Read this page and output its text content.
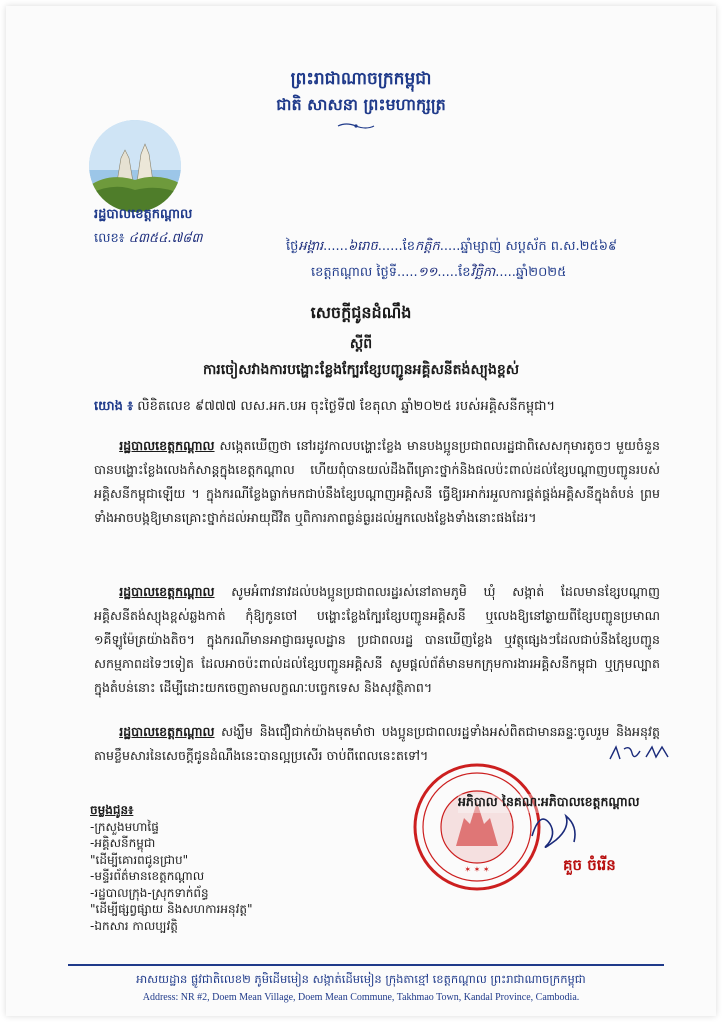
ព្រះរាជាណាចក្រកម្ពុជា
ជាតិ សាសនា ព្រះមហាក្សត្រ
រដ្ឋបាលខេត្តកណ្ដាល
លេខ៖ ៤៣៥៤.៧៨៣
ថ្ងៃអង្គារ......៦រោច......ខែកត្តិក.....ឆ្នាំម្សាញ់ សប្តស័ក ព.ស.២៥៦៩
ខេត្តកណ្ដាល ថ្ងៃទី.....១១.....ខែវិច្ឆិកា.....ឆ្នាំ២០២៥
សេចក្តីជូនដំណឹង
ស្តីពី
ការចៀសវាងការបង្ហោះខ្លែងក្បែរខ្សែបញ្ជូនអគ្គិសនីតង់ស្យុងខ្ពស់
យោង ៖ លិខិតលេខ ៩៧៧៧ លស.អក.បអ ចុះថ្ងៃទី៧ ខែតុលា ឆ្នាំ២០២៥ របស់អគ្គិសនីកម្ពុជា។
  រដ្ឋបាលខេត្តកណ្ដាល សង្កេតឃើញថា នៅរដូវកាលបង្ហោះខ្លែង មានបងប្អូនប្រជាពលរដ្ឋជាពិសេសកុមារតូចៗ មួយចំនួនបានបង្ហោះខ្លែងលេងកំសាន្តក្នុងខេត្តកណ្ដាល ហើយពុំបានយល់ដឹងពីគ្រោះថ្នាក់និងផលប៉ះពាល់ដល់ខ្សែបណ្តាញបញ្ជូនរបស់អគ្គិសនីកម្ពុជាឡើយ ។ ក្នុងករណីខ្លែងធ្លាក់មកជាប់នឹងខ្សែបណ្តាញអគ្គិសនី ធ្វើឱ្យរអាក់រអួលការផ្គត់ផ្គង់អគ្គិសនីក្នុងតំបន់ ព្រមទាំងអាចបង្កឱ្យមានគ្រោះថ្នាក់ដល់អាយុជីវិត ឬពិការភាពធ្ងន់ធ្ងរដល់អ្នកលេងខ្លែងទាំងនោះផងដែរ។
  រដ្ឋបាលខេត្តកណ្ដាល សូមអំពាវនាវដល់បងប្អូនប្រជាពលរដ្ឋរស់នៅតាមភូមិ ឃុំ សង្កាត់ ដែលមានខ្សែបណ្តាញអគ្គិសនីតង់ស្យុងខ្ពស់ឆ្លងកាត់ កុំឱ្យកូនចៅ បង្ហោះខ្លែងក្បែរខ្សែបញ្ជូនអគ្គិសនី ឬលេងឱ្យនៅឆ្ងាយពីខ្សែបញ្ជូនប្រមាណ ១គីឡូម៉ែត្រយ៉ាងតិច។ ក្នុងករណីមានអាជ្ញាធរមូលដ្ឋាន ប្រជាពលរដ្ឋ បានឃើញខ្លែង ឬវត្ថុផ្សេងៗដែលជាប់នឹងខ្សែបញ្ជូន សកម្មភាពដទៃៗទៀត ដែលអាចប៉ះពាល់ដល់ខ្សែបញ្ជូនអគ្គិសនី សូមផ្តល់ព័ត៌មានមកក្រុមការងារអគ្គិសនីកម្ពុជា ឬក្រុមល្បាតក្នុងតំបន់នោះ ដើម្បីដោះយកចេញតាមលក្ខណៈបច្ចេកទេស និងសុវត្ថិភាព។
  រដ្ឋបាលខេត្តកណ្ដាល សង្ឃឹម និងជឿជាក់យ៉ាងមុតមាំថា បងប្អូនប្រជាពលរដ្ឋទាំងអស់ពិតជាមានឆន្ទៈចូលរួម និងអនុវត្តតាមខ្លឹមសារនៃសេចក្តីជូនដំណឹងនេះបានល្អប្រសើរ ចាប់ពីពេលនេះតទៅ។
ចម្លងជូន៖
-ក្រសួងមហាផ្ទៃ
-អគ្គិសនីកម្ពុជា
"ដើម្បីគោរពជូនជ្រាប"
-មន្ទីរព័ត៌មានខេត្តកណ្ដាល
-រដ្ឋបាលក្រុង-ស្រុកទាក់ព័ន្ធ
"ដើម្បីផ្សព្វផ្សាយ និងសហការអនុវត្ត"
-ឯកសារ កាលប្បវត្តិ
✶ ✶ ✶
អភិបាល នៃគណៈអភិបាលខេត្តកណ្ដាល
គួច ចំរើន
អាសយដ្ឋាន ផ្លូវជាតិលេខ២ ភូមិដើមមៀន សង្កាត់ដើមមៀន ក្រុងតាខ្មៅ ខេត្តកណ្ដាល ព្រះរាជាណាចក្រកម្ពុជា
Address: NR #2, Doem Mean Village, Doem Mean Commune, Takhmao Town, Kandal Province, Cambodia.
